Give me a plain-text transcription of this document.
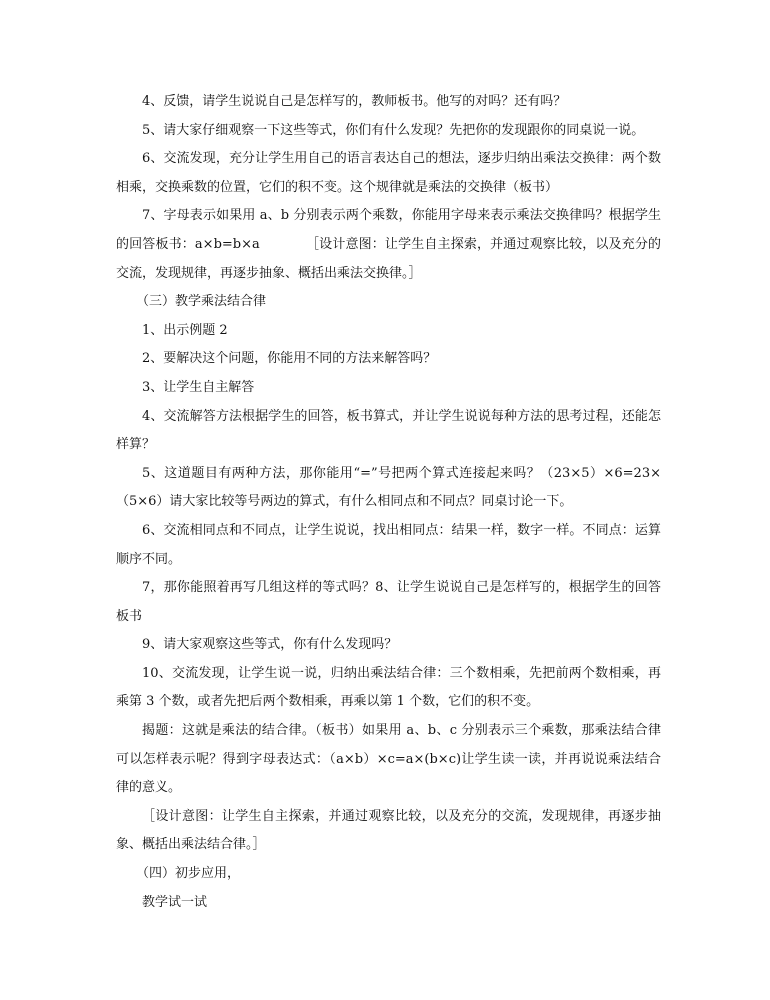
4、反馈，请学生说说自己是怎样写的，教师板书。他写的对吗？还有吗？

5、请大家仔细观察一下这些等式，你们有什么发现？先把你的发现跟你的同桌说一说。

6、交流发现，充分让学生用自己的语言表达自己的想法，逐步归纳出乘法交换律：两个数相乘，交换乘数的位置，它们的积不变。这个规律就是乘法的交换律（板书）

7、字母表示如果用 a、b 分别表示两个乘数，你能用字母来表示乘法交换律吗？根据学生的回答板书：a×b=b×a　　　　［设计意图：让学生自主探索，并通过观察比较，以及充分的交流，发现规律，再逐步抽象、概括出乘法交换律。］

（三）教学乘法结合律

1、出示例题 2

2、要解决这个问题，你能用不同的方法来解答吗？

3、让学生自主解答

4、交流解答方法根据学生的回答，板书算式，并让学生说说每种方法的思考过程，还能怎样算？

5、这道题目有两种方法，那你能用“=”号把两个算式连接起来吗？（23×5）×6=23×（5×6）请大家比较等号两边的算式，有什么相同点和不同点？同桌讨论一下。

6、交流相同点和不同点，让学生说说，找出相同点：结果一样，数字一样。不同点：运算顺序不同。

7，那你能照着再写几组这样的等式吗？8、让学生说说自己是怎样写的，根据学生的回答板书

9、请大家观察这些等式，你有什么发现吗？

10、交流发现，让学生说一说，归纳出乘法结合律：三个数相乘，先把前两个数相乘，再乘第 3 个数，或者先把后两个数相乘，再乘以第 1 个数，它们的积不变。

揭题：这就是乘法的结合律。（板书）如果用 a、b、c 分别表示三个乘数，那乘法结合律可以怎样表示呢？得到字母表达式：（a×b）×c=a×(b×c)让学生读一读，并再说说乘法结合律的意义。

［设计意图：让学生自主探索，并通过观察比较，以及充分的交流，发现规律，再逐步抽象、概括出乘法结合律。］

（四）初步应用，

教学试一试
